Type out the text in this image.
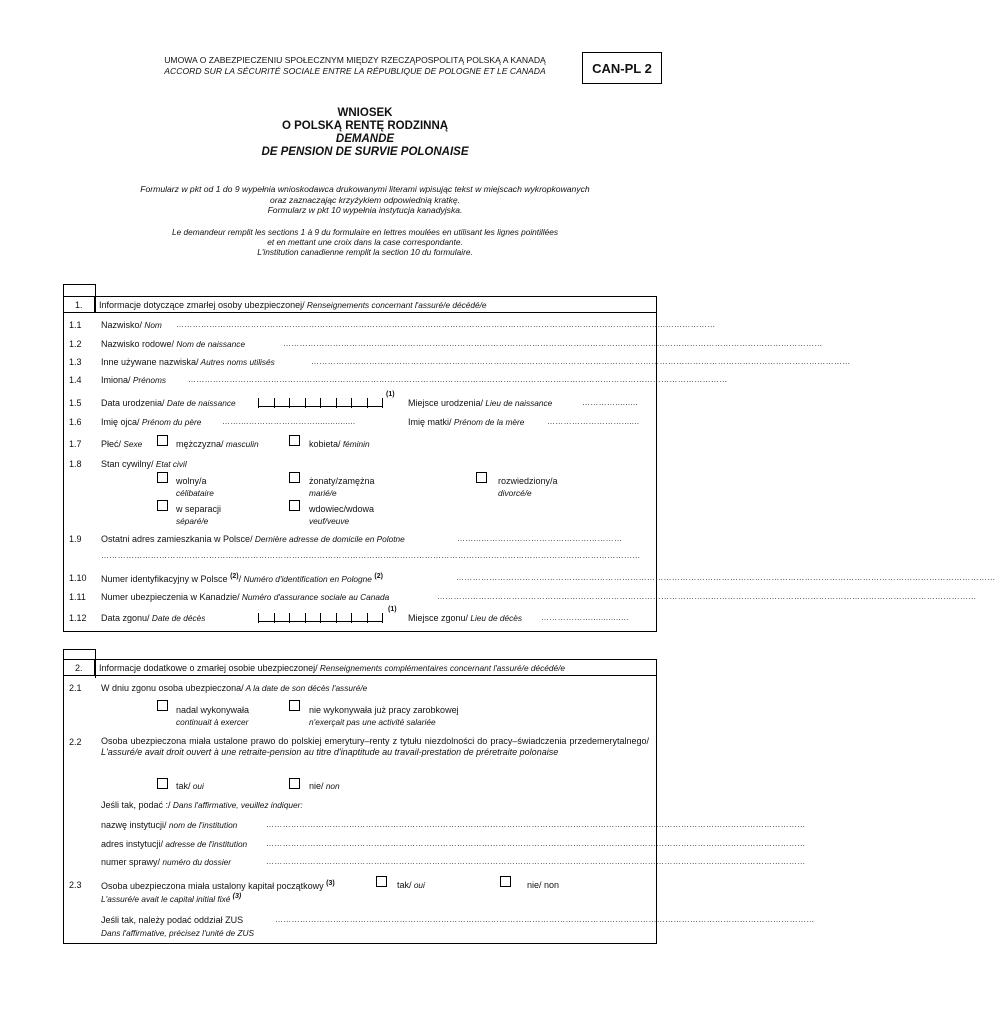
UMOWA O ZABEZPIECZENIU SPOŁECZNYM MIĘDZY RZECZĄPOSPOLITĄ POLSKĄ A KANADĄ
ACCORD SUR LA SÉCURITÉ SOCIALE ENTRE LA RÉPUBLIQUE DE POLOGNE ET LE CANADA	CAN-PL 2
WNIOSEK
O POLSKĄ RENTĘ RODZINNĄ
DEMANDE
DE PENSION DE SURVIE POLONAISE
Formularz w pkt od 1 do 9 wypełnia wnioskodawca drukowanymi literami wpisując tekst w miejscach wykropkowanych
oraz zaznaczając krzyżykiem odpowiednią kratkę.
Formularz w pkt 10 wypełnia instytucja kanadyjska.
Le demandeur remplit les sections 1 à 9 du formulaire en lettres moulées en utilisant les lignes pointillées
et en mettant une croix dans la case correspondante.
L'institution canadienne remplit la section 10 du formulaire.
1. Informacje dotyczące zmarłej osoby ubezpieczonej/ Renseignements concernant l'assuré/e décédé/e
1.1 Nazwisko/ Nom ……………………………………………………………………………………………………………………………………………………………………………
1.2 Nazwisko rodowe/ Nom de naissance	……………………………………………………………………………………………………………………………………………………………………………
1.3 Inne używane nazwiska/ Autres noms utilisés	……………………………………………………………………………………………………………………………………………………………………………
1.4 Imiona/ Prénoms	……………………………………………………………………………………………………………………………………………………………………………
1.5 Data urodzenia/ Date de naissance
(1)
Miejsce urodzenia/ Lieu de naissance	………….........
1.6 Imię ojca/ Prénom du père	……....……………………................	Imię matki/ Prénom de la mère	……………………….......
1.7 Płeć/ Sexe	mężczyzna/ masculin	kobieta/ féminin
1.8 Stan cywilny/ Etat civil
wolny/a
célibataire
żonaty/zamężna
marié/e
rozwiedziony/a
divorcé/e
w separacji
séparé/e
wdowiec/wdowa
veuf/veuve
1.9 Ostatni adres zamieszkania w Polsce/ Dernière adresse de domicile en Polotne	……...……………………………………………
……………………………………………………………………………………………………………………………………………………………………………
1.10 Numer identyfikacyjny w Polsce $^{(2)}$/ Numéro d'identification en Pologne $^{(2)}$	……………………………………………………………………………………………………………………………………………………………………………
1.11 Numer ubezpieczenia w Kanadzie/ Numéro d'assurance sociale au Canada	……………………………………………………………………………………………………………………………………………………………………………
1.12 Data zgonu/ Date de décès
(1)
Miejsce zgonu/ Lieu de décès ………………...............
2. Informacje dodatkowe o zmarłej osobie ubezpieczonej/ Renseignements complémentaires concernant l'assuré/e décédé/e
2.1 W dniu zgonu osoba ubezpieczona/ A la date de son décès l'assuré/e
nadal wykonywała
continuait à exercer
nie wykonywała już pracy zarobkowej
n'exerçait pas une activité salariée
2.2 Osoba ubezpieczona miała ustalone prawo do polskiej emerytury–renty z tytułu niezdolności do pracy–świadczenia przedemerytalnego/ L'assuré/e avait droit ouvert à une retraite-pension au titre d'inaptitude au travail-prestation de préretraite polonaise
tak/ oui	nie/ non
Jeśli tak, podać :/ Dans l'affirmative, veuillez indiquer:
nazwę instytucji/ nom de l'institution	……………………………………………………………………………………………………………………………………………………………………………
adres instytucji/ adresse de l'institution ……………………………………………………………………………………………………………………………………………………………………………
numer sprawy/ numéro du dossier	……………………………………………………………………………………………………………………………………………………………………………
2.3 Osoba ubezpieczona miała ustalony kapitał początkowy $^{(3)}$
L'assuré/e avait le capital initial fixé $^{(3)}$
tak/ oui	nie/ non
Jeśli tak, należy podać oddział ZUS	……………………………………………………………………………………………………………………………………………………………………………
Dans l'affirmative, précisez l'unité de ZUS
